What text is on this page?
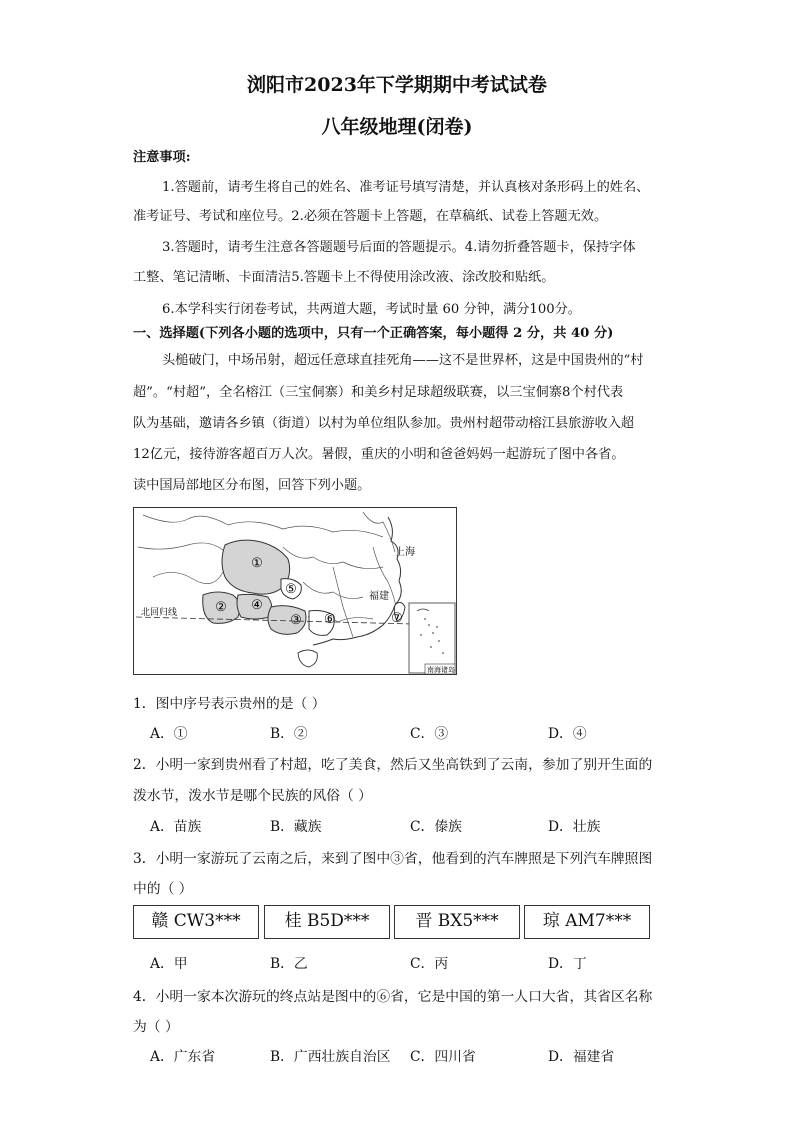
浏阳市2023年下学期期中考试试卷
八年级地理(闭卷)
注意事项:
1.答题前，请考生将自己的姓名、准考证号填写清楚，并认真核对条形码上的姓名、
准考证号、考试和座位号。2.必须在答题卡上答题，在草稿纸、试卷上答题无效。
3.答题时，请考生注意各答题题号后面的答题提示。4.请勿折叠答题卡，保持字体
工整、笔记清晰、卡面清洁5.答题卡上不得使用涂改液、涂改胶和贴纸。
6.本学科实行闭卷考试，共两道大题，考试时量 60 分钟，满分100分。
一、选择题(下列各小题的选项中，只有一个正确答案，每小题得 2 分，共 40 分)
头槌破门，中场吊射，超远任意球直挂死角——这不是世界杯，这是中国贵州的“村
超”。“村超”，全名榕江（三宝侗寨）和美乡村足球超级联赛，以三宝侗寨8个村代表
队为基础，邀请各乡镇（街道）以村为单位组队参加。贵州村超带动榕江县旅游收入超
12亿元，接待游客超百万人次。暑假，重庆的小明和爸爸妈妈一起游玩了图中各省。
读中国局部地区分布图，回答下列小题。
①
②
③
④
⑤
⑥	⑦
上海
福建
北回归线
南海诸岛
1．图中序号表示贵州的是（ ）
A．①	B．②	C．③	D．④
2．小明一家到贵州看了村超，吃了美食，然后又坐高铁到了云南，参加了别开生面的
泼水节，泼水节是哪个民族的风俗（ ）
A．苗族	B．藏族	C．傣族	D．壮族
3．小明一家游玩了云南之后，来到了图中③省，他看到的汽车牌照是下列汽车牌照图
中的（ ）
赣 CW3***	桂 B5D***	晋 BX5***	琼 AM7***
A．甲	B．乙	C．丙	D．丁
4．小明一家本次游玩的终点站是图中的⑥省，它是中国的第一人口大省，其省区名称
为（ ）
A．广东省	B．广西壮族自治区 C．四川省	D．福建省
